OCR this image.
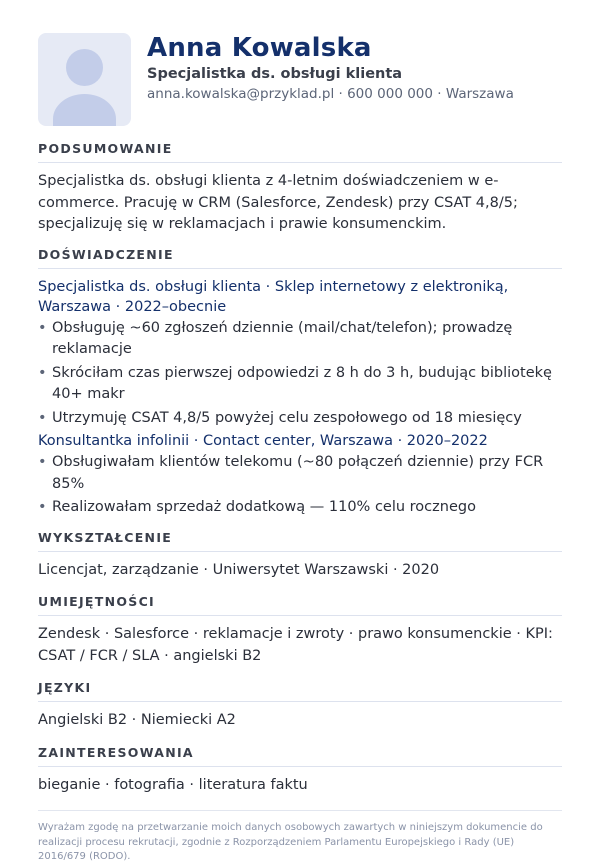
Anna Kowalska
Specjalistka ds. obsługi klienta
anna.kowalska@przyklad.pl · 600 000 000 · Warszawa
PODSUMOWANIE
Specjalistka ds. obsługi klienta z 4-letnim doświadczeniem w e-commerce. Pracuję w CRM (Salesforce, Zendesk) przy CSAT 4,8/5; specjalizuję się w reklamacjach i prawie konsumenckim.
DOŚWIADCZENIE
Specjalistka ds. obsługi klienta · Sklep internetowy z elektroniką, Warszawa · 2022–obecnie
• Obsługuję ~60 zgłoszeń dziennie (mail/chat/telefon); prowadzę reklamacje
• Skróciłam czas pierwszej odpowiedzi z 8 h do 3 h, budując bibliotekę 40+ makr
• Utrzymuję CSAT 4,8/5 powyżej celu zespołowego od 18 miesięcy
Konsultantka infolinii · Contact center, Warszawa · 2020–2022
• Obsługiwałam klientów telekomu (~80 połączeń dziennie) przy FCR 85%
• Realizowałam sprzedaż dodatkową — 110% celu rocznego
WYKSZTAŁCENIE
Licencjat, zarządzanie · Uniwersytet Warszawski · 2020
UMIEJĘTNOŚCI
Zendesk · Salesforce · reklamacje i zwroty · prawo konsumenckie · KPI: CSAT / FCR / SLA · angielski B2
JĘZYKI
Angielski B2 · Niemiecki A2
ZAINTERESOWANIA
bieganie · fotografia · literatura faktu
Wyrażam zgodę na przetwarzanie moich danych osobowych zawartych w niniejszym dokumencie do realizacji procesu rekrutacji, zgodnie z Rozporządzeniem Parlamentu Europejskiego i Rady (UE) 2016/679 (RODO).
